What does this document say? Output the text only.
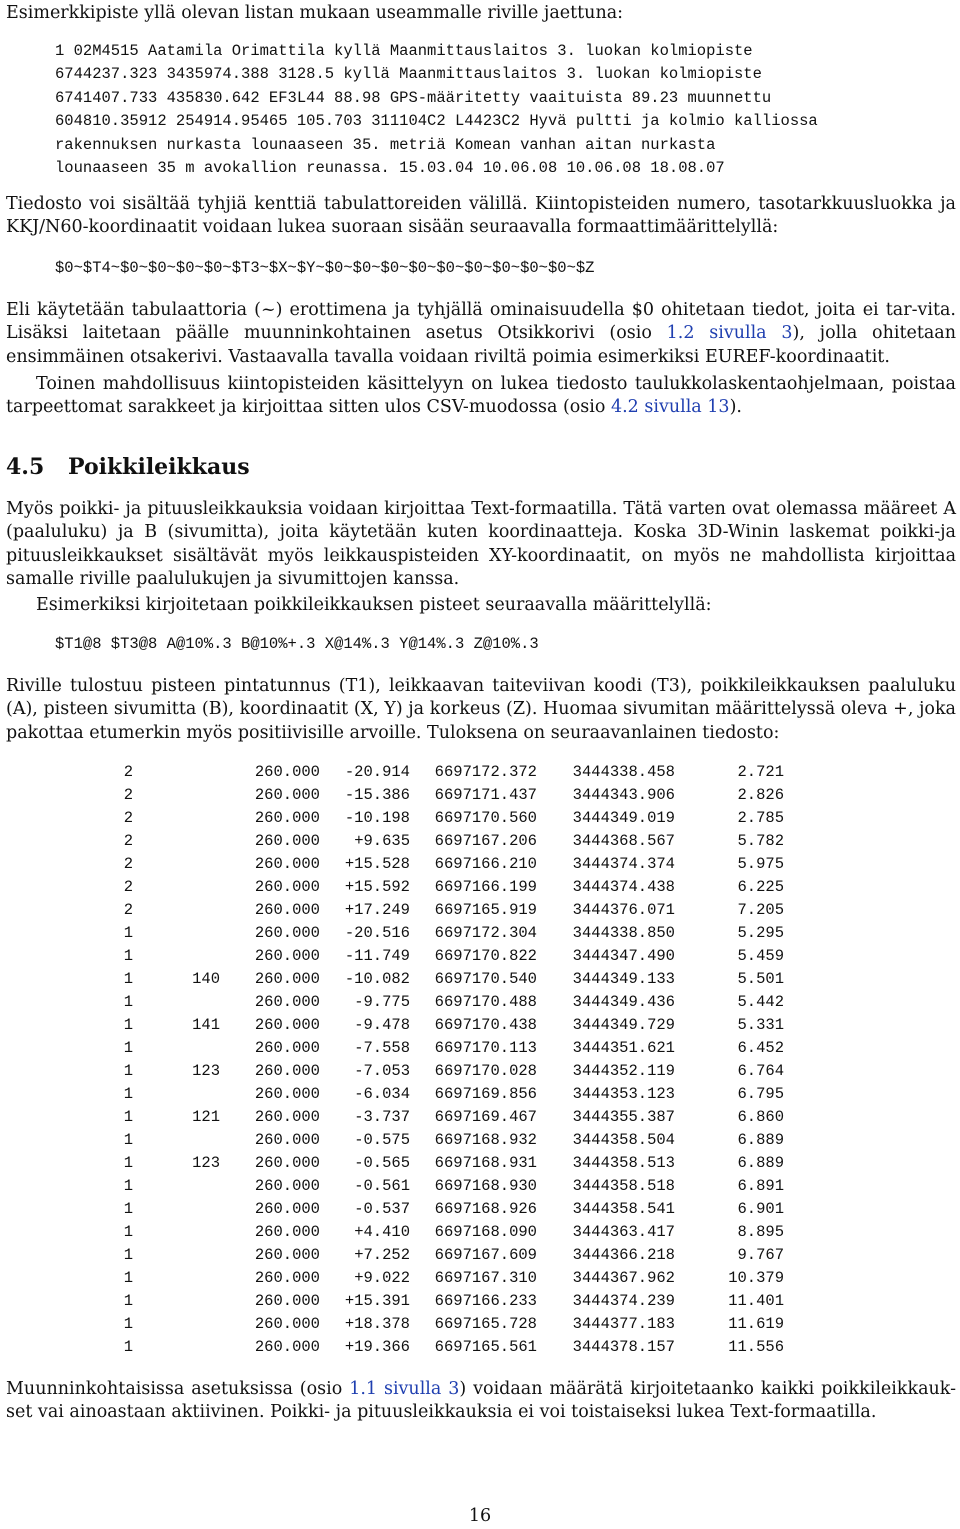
Esimerkkipiste yllä olevan listan mukaan useammalle riville jaettuna:

1 02M4515 Aatamila Orimattila kyllä Maanmittauslaitos 3. luokan kolmiopiste
6744237.323 3435974.388 3128.5 kyllä Maanmittauslaitos 3. luokan kolmiopiste
6741407.733 435830.642 EF3L44 88.98 GPS-määritetty vaaituista 89.23 muunnettu
604810.35912 254914.95465 105.703 311104C2 L4423C2 Hyvä pultti ja kolmio kalliossa
rakennuksen nurkasta lounaaseen 35. metriä Komean vanhan aitan nurkasta
lounaaseen 35 m avokallion reunassa. 15.03.04 10.06.08 10.06.08 18.08.07

Tiedosto voi sisältää tyhjiä kenttiä tabulattoreiden välillä. Kiintopisteiden numero, tasotarkkuusluokka ja KKJ/N60-koordinaatit voidaan lukea suoraan sisään seuraavalla formaattimäärittelyllä:

$0~$T4~$0~$0~$0~$0~$T3~$X~$Y~$0~$0~$0~$0~$0~$0~$0~$0~$0~$Z

Eli käytetään tabulaattoria (~) erottimena ja tyhjällä ominaisuudella $0 ohitetaan tiedot, joita ei tar-vita. Lisäksi laitetaan päälle muunninkohtainen asetus Otsikkorivi (osio 1.2 sivulla 3), jolla ohitetaan ensimmäinen otsakerivi. Vastaavalla tavalla voidaan riviltä poimia esimerkiksi EUREF-koordinaatit.

Toinen mahdollisuus kiintopisteiden käsittelyyn on lukea tiedosto taulukkolaskentaohjelmaan, poistaa tarpeettomat sarakkeet ja kirjoittaa sitten ulos CSV-muodossa (osio 4.2 sivulla 13).

4.5 Poikkileikkaus

Myös poikki- ja pituusleikkauksia voidaan kirjoittaa Text-formaatilla. Tätä varten ovat olemassa määreet A (paaluluku) ja B (sivumitta), joita käytetään kuten koordinaatteja. Koska 3D-Winin laskemat poikki-ja pituusleikkaukset sisältävät myös leikkauspisteiden XY-koordinaatit, on myös ne mahdollista kirjoittaa samalle riville paalulukujen ja sivumittojen kanssa.

Esimerkiksi kirjoitetaan poikkileikkauksen pisteet seuraavalla määrittelyllä:

$T1@8 $T3@8 A@10%.3 B@10%+.3 X@14%.3 Y@14%.3 Z@10%.3

Riville tulostuu pisteen pintatunnus (T1), leikkaavan taiteviivan koodi (T3), poikkileikkauksen paaluluku (A), pisteen sivumitta (B), koordinaatit (X, Y) ja korkeus (Z). Huomaa sivumitan määrittelyssä oleva +, joka pakottaa etumerkin myös positiivisille arvoille. Tuloksena on seuraavanlainen tiedosto:

2		260.000	-20.914	6697172.372	3444338.458	2.721
2		260.000	-15.386	6697171.437	3444343.906	2.826
2		260.000	-10.198	6697170.560	3444349.019	2.785
2		260.000	+9.635	6697167.206	3444368.567	5.782
2		260.000	+15.528	6697166.210	3444374.374	5.975
2		260.000	+15.592	6697166.199	3444374.438	6.225
2		260.000	+17.249	6697165.919	3444376.071	7.205
1		260.000	-20.516	6697172.304	3444338.850	5.295
1		260.000	-11.749	6697170.822	3444347.490	5.459
1	140	260.000	-10.082	6697170.540	3444349.133	5.501
1		260.000	-9.775	6697170.488	3444349.436	5.442
1	141	260.000	-9.478	6697170.438	3444349.729	5.331
1		260.000	-7.558	6697170.113	3444351.621	6.452
1	123	260.000	-7.053	6697170.028	3444352.119	6.764
1		260.000	-6.034	6697169.856	3444353.123	6.795
1	121	260.000	-3.737	6697169.467	3444355.387	6.860
1		260.000	-0.575	6697168.932	3444358.504	6.889
1	123	260.000	-0.565	6697168.931	3444358.513	6.889
1		260.000	-0.561	6697168.930	3444358.518	6.891
1		260.000	-0.537	6697168.926	3444358.541	6.901
1		260.000	+4.410	6697168.090	3444363.417	8.895
1		260.000	+7.252	6697167.609	3444366.218	9.767
1		260.000	+9.022	6697167.310	3444367.962	10.379
1		260.000	+15.391	6697166.233	3444374.239	11.401
1		260.000	+18.378	6697165.728	3444377.183	11.619
1		260.000	+19.366	6697165.561	3444378.157	11.556

Muunninkohtaisissa asetuksissa (osio 1.1 sivulla 3) voidaan määrätä kirjoitetaanko kaikki poikkileikkauk-set vai ainoastaan aktiivinen. Poikki- ja pituusleikkauksia ei voi toistaiseksi lukea Text-formaatilla.

16
